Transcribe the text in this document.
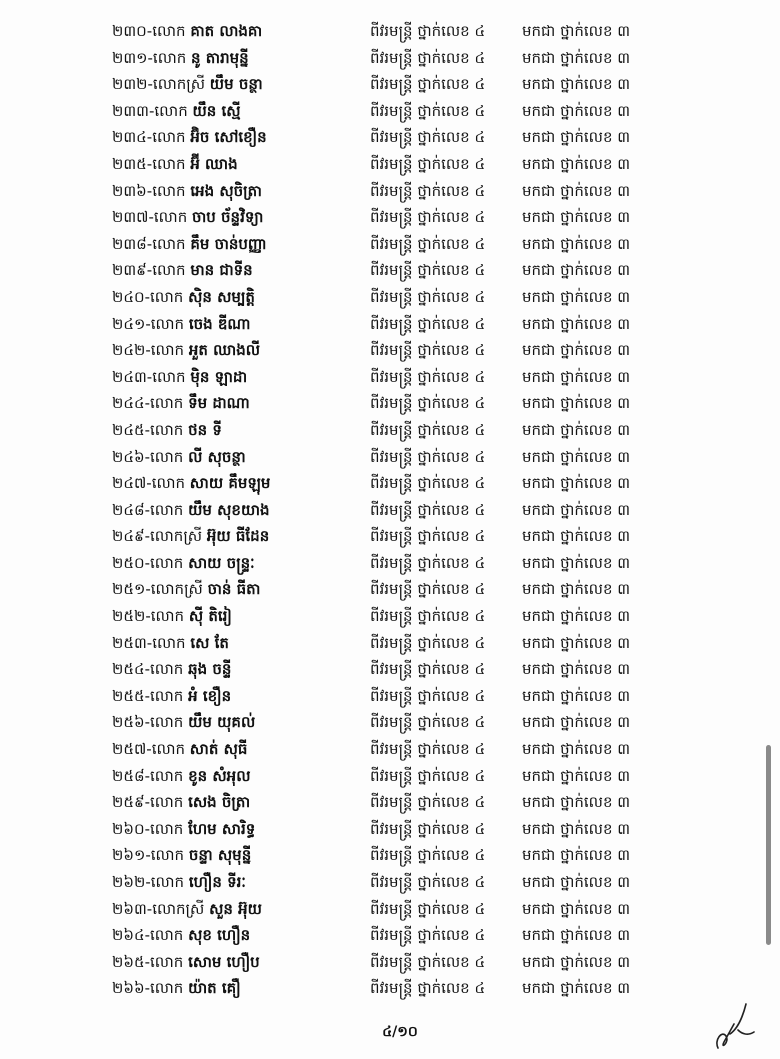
២៣០-លោក គាត លាងគា	ពីវរមន្ត្រី ថ្នាក់លេខ ៤ មកជា ថ្នាក់លេខ ៣
២៣១-លោក នូ តារាមុន្នី	ពីវរមន្ត្រី ថ្នាក់លេខ ៤ មកជា ថ្នាក់លេខ ៣
២៣២-លោកស្រី យឹម ចន្ថា	ពីវរមន្ត្រី ថ្នាក់លេខ ៤ មកជា ថ្នាក់លេខ ៣
២៣៣-លោក យឹន ស្មើ	ពីវរមន្ត្រី ថ្នាក់លេខ ៤ មកជា ថ្នាក់លេខ ៣
២៣៤-លោក អ៊ិច សៅខឿន	ពីវរមន្ត្រី ថ្នាក់លេខ ៤ មកជា ថ្នាក់លេខ ៣
២៣៥-លោក អ៊ី ឈាង	ពីវរមន្ត្រី ថ្នាក់លេខ ៤ មកជា ថ្នាក់លេខ ៣
២៣៦-លោក អេង សុចិត្រា	ពីវរមន្ត្រី ថ្នាក់លេខ ៤ មកជា ថ្នាក់លេខ ៣
២៣៧-លោក ចាប ច័ន្ទវិទ្យា	ពីវរមន្ត្រី ថ្នាក់លេខ ៤ មកជា ថ្នាក់លេខ ៣
២៣៨-លោក គឹម ចាន់បញ្ញា	ពីវរមន្ត្រី ថ្នាក់លេខ ៤ មកជា ថ្នាក់លេខ ៣
២៣៩-លោក មាន ជាទីន	ពីវរមន្ត្រី ថ្នាក់លេខ ៤ មកជា ថ្នាក់លេខ ៣
២៤០-លោក ស៊ិន សម្បត្តិ	ពីវរមន្ត្រី ថ្នាក់លេខ ៤ មកជា ថ្នាក់លេខ ៣
២៤១-លោក ចេង ឌីណា	ពីវរមន្ត្រី ថ្នាក់លេខ ៤ មកជា ថ្នាក់លេខ ៣
២៤២-លោក អួត ឈាងលី	ពីវរមន្ត្រី ថ្នាក់លេខ ៤ មកជា ថ្នាក់លេខ ៣
២៤៣-លោក ម៉ិន ឡាដា	ពីវរមន្ត្រី ថ្នាក់លេខ ៤ មកជា ថ្នាក់លេខ ៣
២៤៤-លោក ទឹម ដាណា	ពីវរមន្ត្រី ថ្នាក់លេខ ៤ មកជា ថ្នាក់លេខ ៣
២៤៥-លោក ថន ទី	ពីវរមន្ត្រី ថ្នាក់លេខ ៤ មកជា ថ្នាក់លេខ ៣
២៤៦-លោក លី សុចន្ថា	ពីវរមន្ត្រី ថ្នាក់លេខ ៤ មកជា ថ្នាក់លេខ ៣
២៤៧-លោក សាយ គឹមឡុម	ពីវរមន្ត្រី ថ្នាក់លេខ ៤ មកជា ថ្នាក់លេខ ៣
២៤៨-លោក យឹម សុខយាង	ពីវរមន្ត្រី ថ្នាក់លេខ ៤ មកជា ថ្នាក់លេខ ៣
២៤៩-លោកស្រី អ៊ុយ ធីដែន	ពីវរមន្ត្រី ថ្នាក់លេខ ៤ មកជា ថ្នាក់លេខ ៣
២៥០-លោក សាយ ចន្ទ្រៈ	ពីវរមន្ត្រី ថ្នាក់លេខ ៤ មកជា ថ្នាក់លេខ ៣
២៥១-លោកស្រី ចាន់ ធីតា	ពីវរមន្ត្រី ថ្នាក់លេខ ៤ មកជា ថ្នាក់លេខ ៣
២៥២-លោក ស៊ី តិរៀ	ពីវរមន្ត្រី ថ្នាក់លេខ ៤ មកជា ថ្នាក់លេខ ៣
២៥៣-លោក សេ តែ	ពីវរមន្ត្រី ថ្នាក់លេខ ៤ មកជា ថ្នាក់លេខ ៣
២៥៤-លោក ឆុង ចន្ទី	ពីវរមន្ត្រី ថ្នាក់លេខ ៤ មកជា ថ្នាក់លេខ ៣
២៥៥-លោក អំ ខឿន	ពីវរមន្ត្រី ថ្នាក់លេខ ៤ មកជា ថ្នាក់លេខ ៣
២៥៦-លោក យឹម យុគល់	ពីវរមន្ត្រី ថ្នាក់លេខ ៤ មកជា ថ្នាក់លេខ ៣
២៥៧-លោក សាត់ សុធី	ពីវរមន្ត្រី ថ្នាក់លេខ ៤ មកជា ថ្នាក់លេខ ៣
២៥៨-លោក ខូន សំអុល	ពីវរមន្ត្រី ថ្នាក់លេខ ៤ មកជា ថ្នាក់លេខ ៣
២៥៩-លោក សេង ចិត្រា	ពីវរមន្ត្រី ថ្នាក់លេខ ៤ មកជា ថ្នាក់លេខ ៣
២៦០-លោក ហែម សារិទ្ធ	ពីវរមន្ត្រី ថ្នាក់លេខ ៤ មកជា ថ្នាក់លេខ ៣
២៦១-លោក ចន្ទា សុមុន្នី	ពីវរមន្ត្រី ថ្នាក់លេខ ៤ មកជា ថ្នាក់លេខ ៣
២៦២-លោក ហឿន ទីរៈ	ពីវរមន្ត្រី ថ្នាក់លេខ ៤ មកជា ថ្នាក់លេខ ៣
២៦៣-លោកស្រី សួន អ៊ុយ	ពីវរមន្ត្រី ថ្នាក់លេខ ៤ មកជា ថ្នាក់លេខ ៣
២៦៤-លោក សុខ ហឿន	ពីវរមន្ត្រី ថ្នាក់លេខ ៤ មកជា ថ្នាក់លេខ ៣
២៦៥-លោក សោម ហឿប	ពីវរមន្ត្រី ថ្នាក់លេខ ៤ មកជា ថ្នាក់លេខ ៣
២៦៦-លោក យ៉ាត គឿ	ពីវរមន្ត្រី ថ្នាក់លេខ ៤ មកជា ថ្នាក់លេខ ៣
៤/១០
